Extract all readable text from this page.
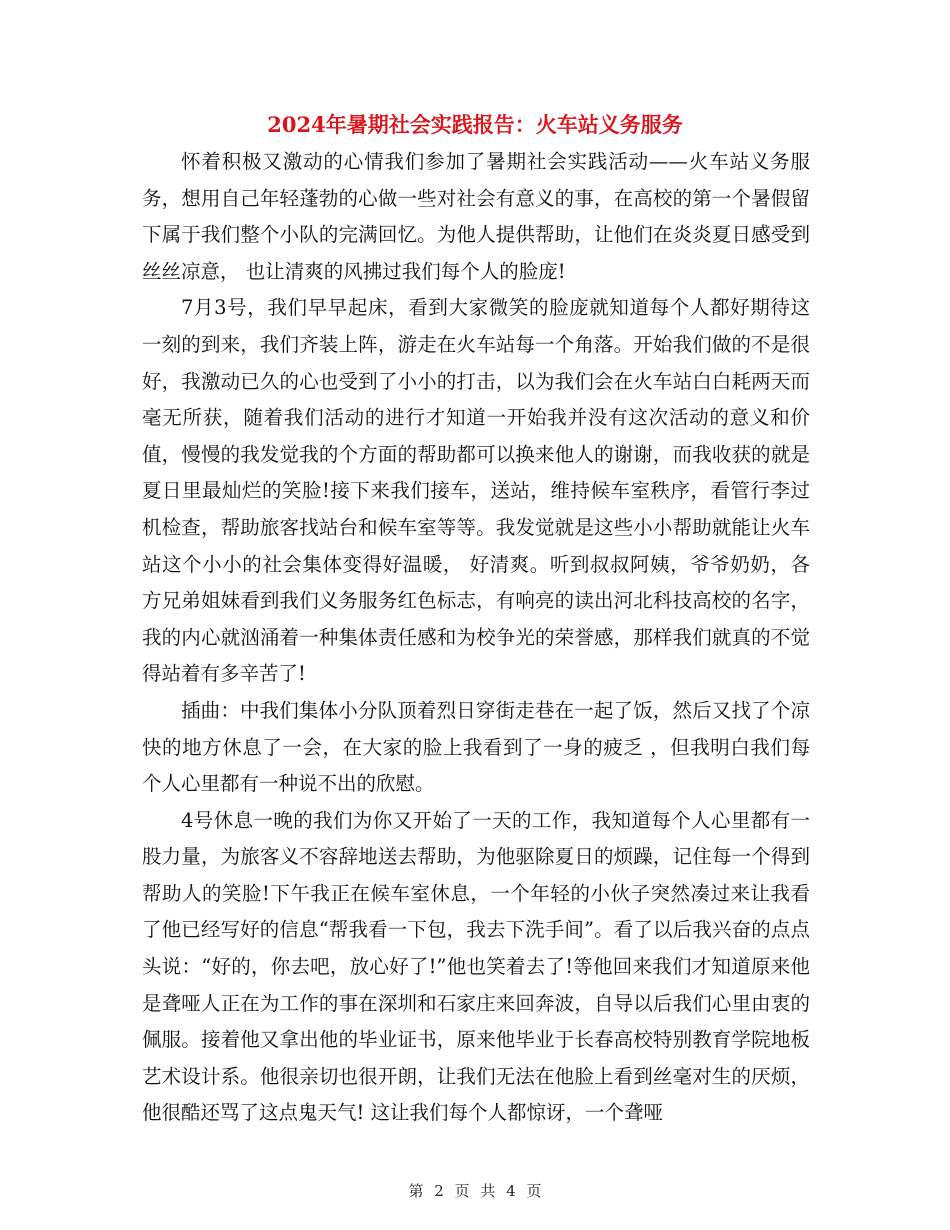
2024年暑期社会实践报告：火车站义务服务

怀着积极又激动的心情我们参加了暑期社会实践活动——火车站义务服务，想用自己年轻蓬勃的心做一些对社会有意义的事，在高校的第一个暑假留下属于我们整个小队的完满回忆。为他人提供帮助，让他们在炎炎夏日感受到丝丝凉意， 也让清爽的风拂过我们每个人的脸庞!

7月3号，我们早早起床，看到大家微笑的脸庞就知道每个人都好期待这一刻的到来，我们齐装上阵，游走在火车站每一个角落。开始我们做的不是很好，我激动已久的心也受到了小小的打击，以为我们会在火车站白白耗两天而毫无所获，随着我们活动的进行才知道一开始我并没有这次活动的意义和价值，慢慢的我发觉我的个方面的帮助都可以换来他人的谢谢，而我收获的就是夏日里最灿烂的笑脸!接下来我们接车，送站，维持候车室秩序，看管行李过机检查，帮助旅客找站台和候车室等等。我发觉就是这些小小帮助就能让火车站这个小小的社会集体变得好温暖， 好清爽。听到叔叔阿姨，爷爷奶奶，各方兄弟姐妹看到我们义务服务红色标志，有响亮的读出河北科技高校的名字，我的内心就汹涌着一种集体责任感和为校争光的荣誉感，那样我们就真的不觉得站着有多辛苦了!

插曲：中我们集体小分队顶着烈日穿街走巷在一起了饭，然后又找了个凉快的地方休息了一会，在大家的脸上我看到了一身的疲乏 ，但我明白我们每个人心里都有一种说不出的欣慰。

4号休息一晚的我们为你又开始了一天的工作，我知道每个人心里都有一股力量，为旅客义不容辞地送去帮助，为他驱除夏日的烦躁，记住每一个得到帮助人的笑脸!下午我正在候车室休息，一个年轻的小伙子突然凑过来让我看了他已经写好的信息“帮我看一下包，我去下洗手间”。看了以后我兴奋的点点头说：“好的，你去吧，放心好了!”他也笑着去了!等他回来我们才知道原来他是聋哑人正在为工作的事在深圳和石家庄来回奔波，自导以后我们心里由衷的佩服。接着他又拿出他的毕业证书，原来他毕业于长春高校特别教育学院地板艺术设计系。他很亲切也很开朗，让我们无法在他脸上看到丝毫对生的厌烦，他很酷还骂了这点鬼天气! 这让我们每个人都惊讶，一个聋哑

第 2 页 共 4 页
